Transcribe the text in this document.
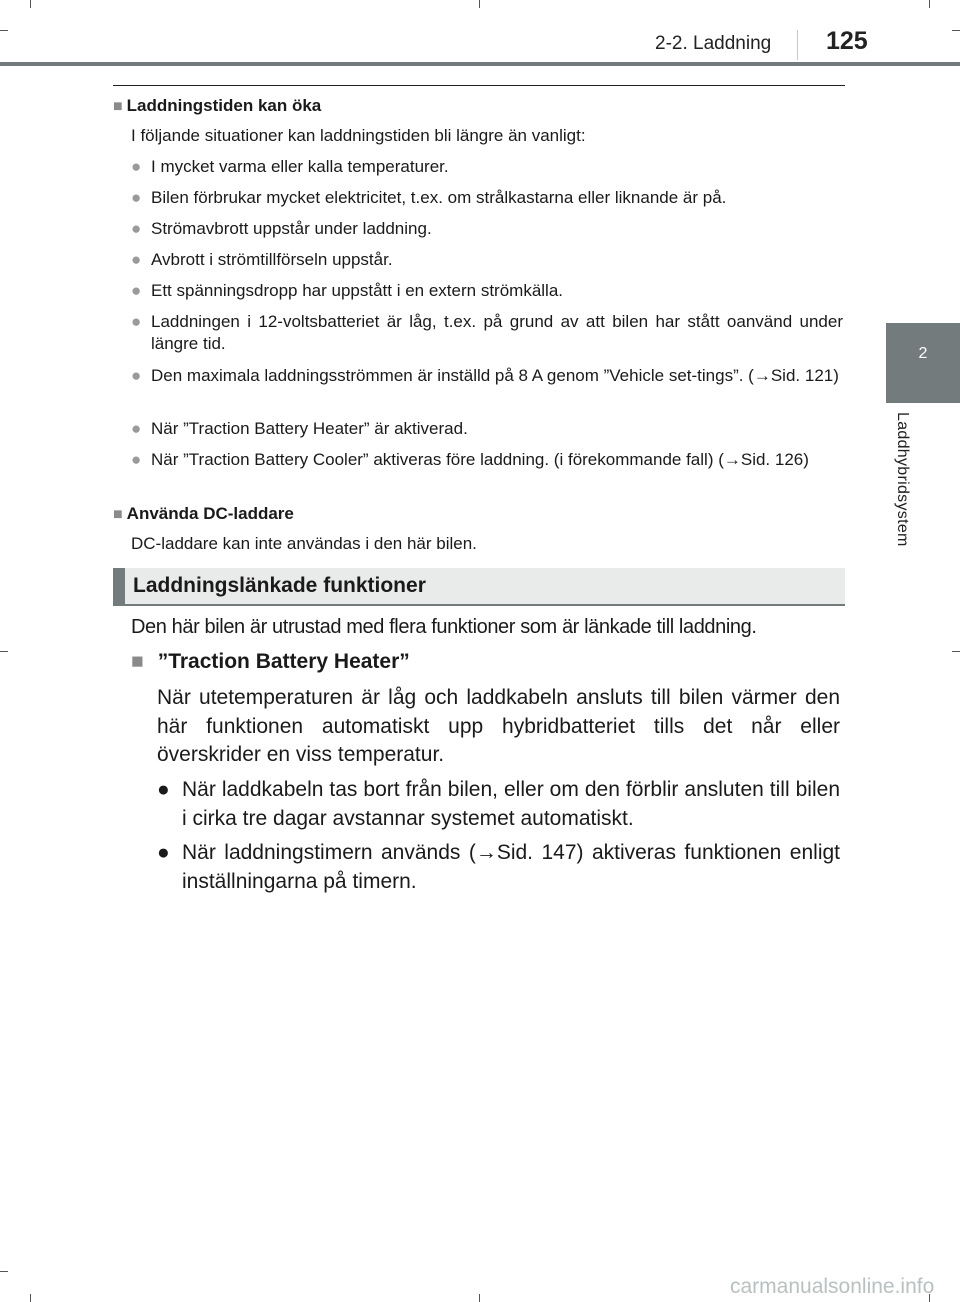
2-2. Laddning 125
2
Laddhybridsystem
■ Laddningstiden kan öka
I följande situationer kan laddningstiden bli längre än vanligt:
● I mycket varma eller kalla temperaturer.
● Bilen förbrukar mycket elektricitet, t.ex. om strålkastarna eller liknande är på.
● Strömavbrott uppstår under laddning.
● Avbrott i strömtillförseln uppstår.
● Ett spänningsdropp har uppstått i en extern strömkälla.
● Laddningen i 12-voltsbatteriet är låg, t.ex. på grund av att bilen har stått oanvänd under längre tid.
● Den maximala laddningsströmmen är inställd på 8 A genom ”Vehicle set-tings”. (→Sid. 121)
● När ”Traction Battery Heater” är aktiverad.
● När ”Traction Battery Cooler” aktiveras före laddning. (i förekommande fall) (→Sid. 126)
■ Använda DC-laddare
DC-laddare kan inte användas i den här bilen.
Laddningslänkade funktioner
Den här bilen är utrustad med flera funktioner som är länkade till laddning.
■ ”Traction Battery Heater”
När utetemperaturen är låg och laddkabeln ansluts till bilen värmer den här funktionen automatiskt upp hybridbatteriet tills det når eller överskrider en viss temperatur.
● När laddkabeln tas bort från bilen, eller om den förblir ansluten till bilen i cirka tre dagar avstannar systemet automatiskt.
● När laddningstimern används (→Sid. 147) aktiveras funktionen enligt inställningarna på timern.
carmanualsonline.info
